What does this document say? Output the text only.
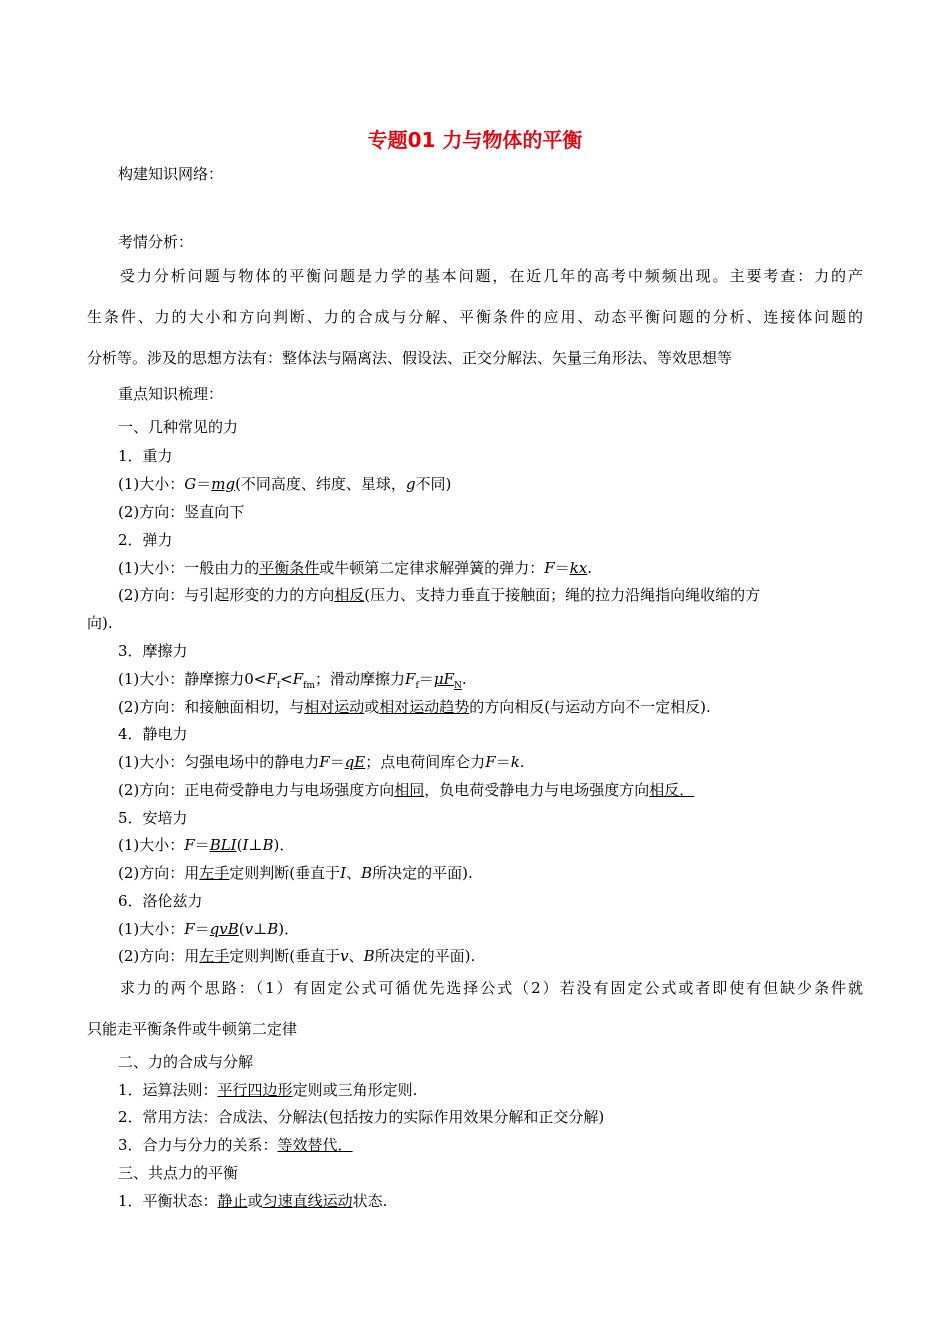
专题01 力与物体的平衡
构建知识网络：
考情分析：
受力分析问题与物体的平衡问题是力学的基本问题，在近几年的高考中频频出现。主要考查：力的产
生条件、力的大小和方向判断、力的合成与分解、平衡条件的应用、动态平衡问题的分析、连接体问题的
分析等。涉及的思想方法有：整体法与隔离法、假设法、正交分解法、矢量三角形法、等效思想等
重点知识梳理：
一、几种常见的力
1．重力
(1)大小：G＝mg(不同高度、纬度、星球，g不同)
(2)方向：竖直向下
2．弹力
(1)大小：一般由力的平衡条件或牛顿第二定律求解弹簧的弹力：F＝kx.
(2)方向：与引起形变的力的方向相反(压力、支持力垂直于接触面；绳的拉力沿绳指向绳收缩的方
向).
3．摩擦力
(1)大小：静摩擦力$0<F_f<F_{fm}$；滑动摩擦力$F_f=\mu F_N$.
(2)方向：和接触面相切，与相对运动或相对运动趋势的方向相反(与运动方向不一定相反).
4．静电力
(1)大小：匀强电场中的静电力F＝qE；点电荷间库仑力F＝k.
(2)方向：正电荷受静电力与电场强度方向相同，负电荷受静电力与电场强度方向相反．
5．安培力
(1)大小：F＝BLI(I⊥B)．
(2)方向：用左手定则判断(垂直于I、B所决定的平面).
6．洛伦兹力
(1)大小：F＝qvB(v⊥B)．
(2)方向：用左手定则判断(垂直于v、B所决定的平面).
求力的两个思路：（1）有固定公式可循优先选择公式（2）若没有固定公式或者即使有但缺少条件就
只能走平衡条件或牛顿第二定律
二、力的合成与分解
1．运算法则：平行四边形定则或三角形定则.
2．常用方法：合成法、分解法(包括按力的实际作用效果分解和正交分解)
3．合力与分力的关系：等效替代．
三、共点力的平衡
1．平衡状态：静止或匀速直线运动状态.
